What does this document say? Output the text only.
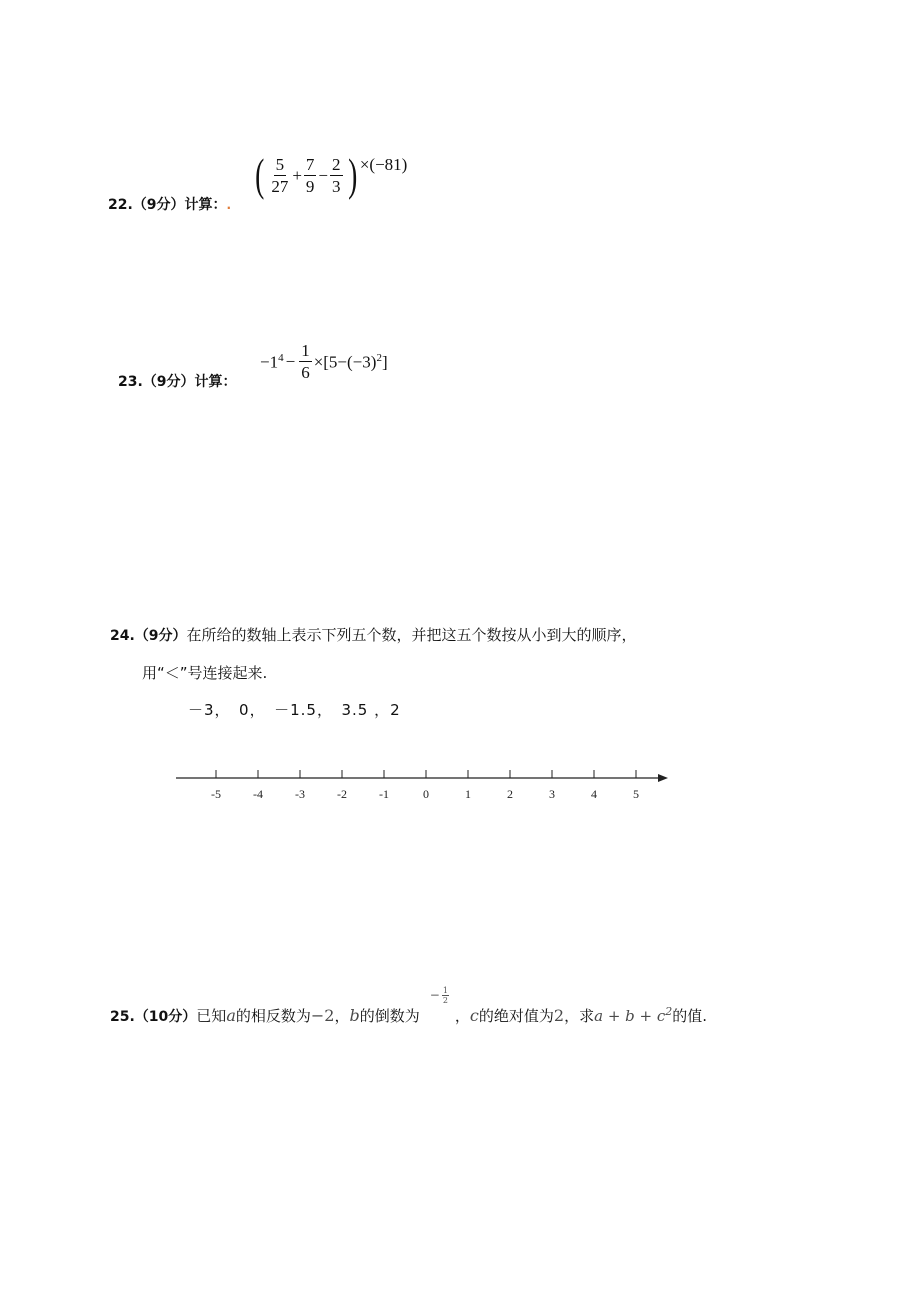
22.（9分）计算：.
( $\frac{5}{27} + \frac{7}{9} - \frac{2}{3}$ ) ×(−81)
23.（9分）计算：
$-1^4 - \frac{1}{6} \times[5-(-3)^2]$
24.（9分）在所给的数轴上表示下列五个数，并把这五个数按从小到大的顺序，
用“＜”号连接起来.
－3，　0，　－1.5，　3.5 ，2
-5	-4	-3	-2	-1	0	1	2	3	4	5
25.（10分）已知a的相反数为−2，b的倒数为
− $\frac{1}{2}$
，c的绝对值为2，求$a + b + c^2$的值.
